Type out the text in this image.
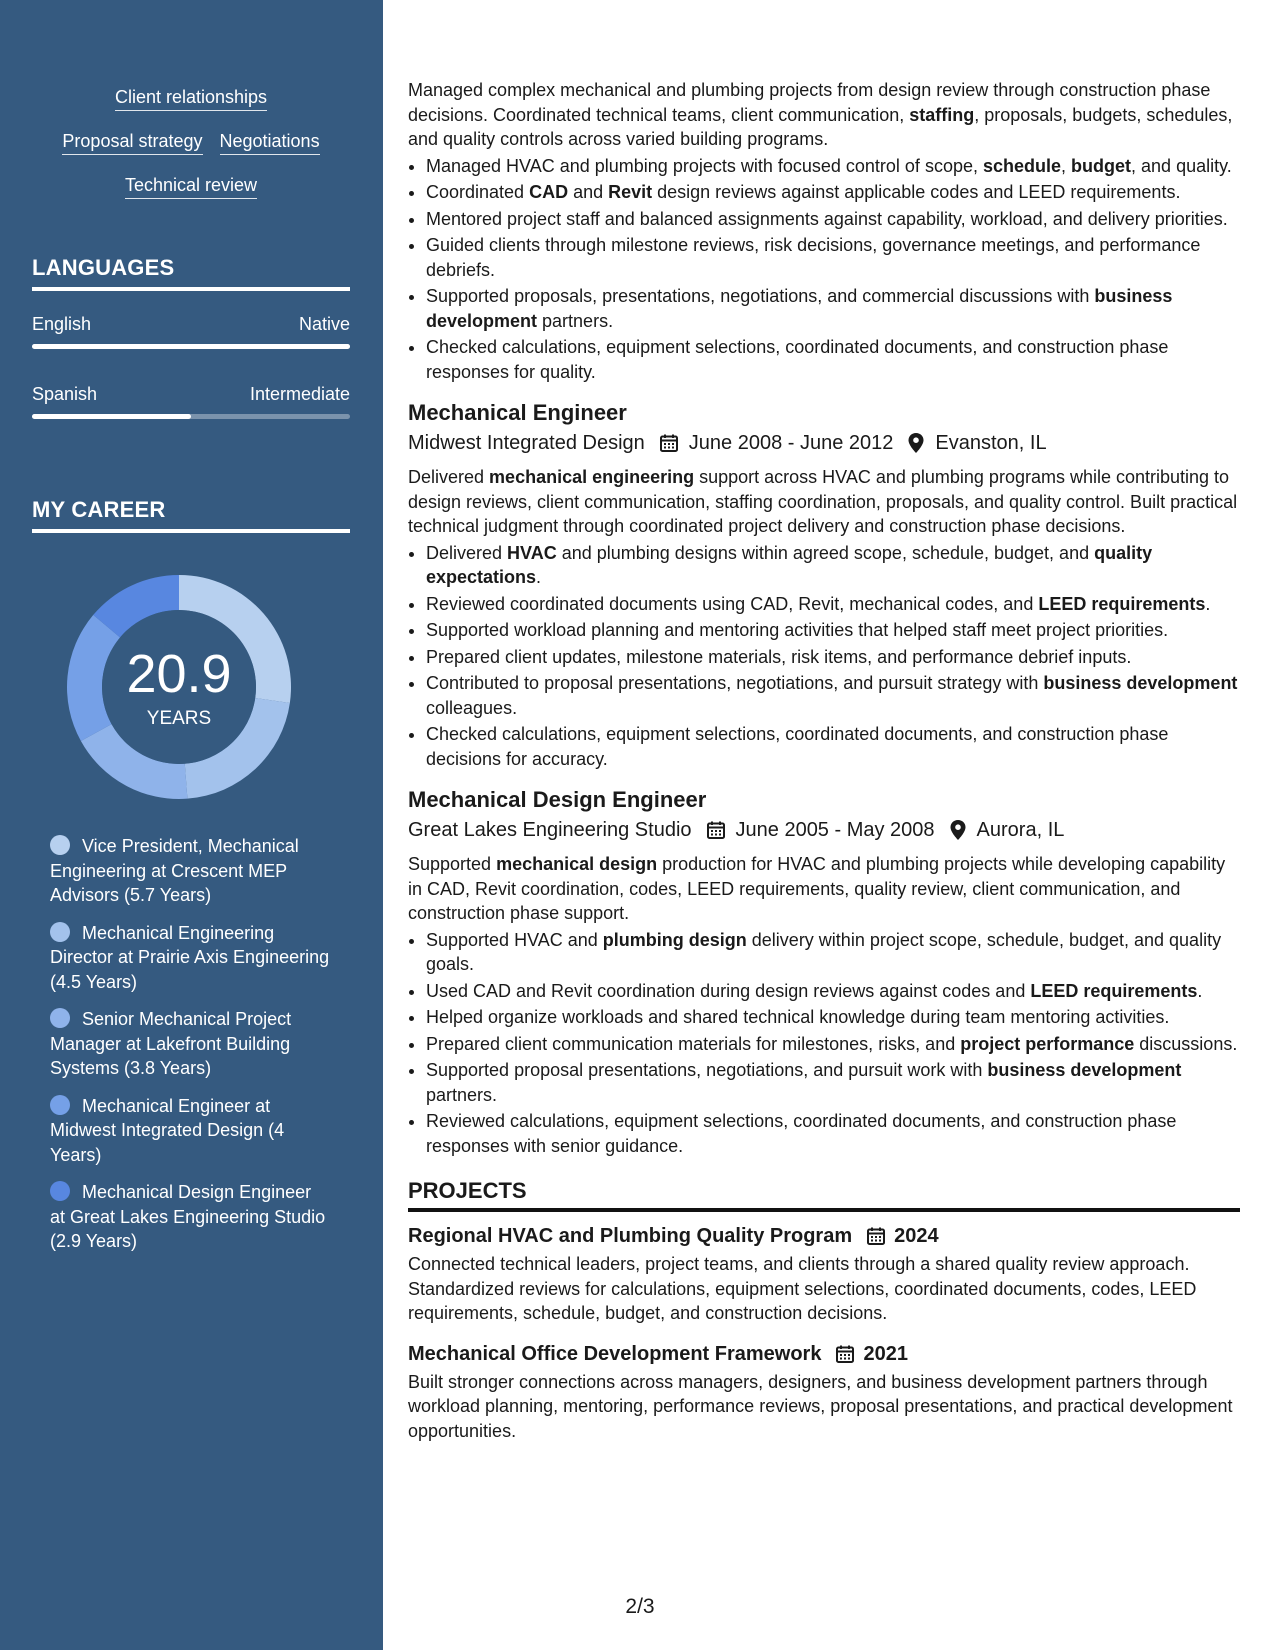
Client relationships
Proposal strategy Negotiations
Technical review
LANGUAGES
English	Native
Spanish	Intermediate
MY CAREER
20.9
YEARS
Vice President, Mechanical Engineering at Crescent MEP Advisors (5.7 Years)
Mechanical Engineering Director at Prairie Axis Engineering (4.5 Years)
Senior Mechanical Project Manager at Lakefront Building Systems (3.8 Years)
Mechanical Engineer at Midwest Integrated Design (4 Years)
Mechanical Design Engineer at Great Lakes Engineering Studio (2.9 Years)

Managed complex mechanical and plumbing projects from design review through construction phase decisions. Coordinated technical teams, client communication, staffing, proposals, budgets, schedules, and quality controls across varied building programs.

• Managed HVAC and plumbing projects with focused control of scope, schedule, budget, and quality.
• Coordinated CAD and Revit design reviews against applicable codes and LEED requirements.
• Mentored project staff and balanced assignments against capability, workload, and delivery priorities.
• Guided clients through milestone reviews, risk decisions, governance meetings, and performance debriefs.
• Supported proposals, presentations, negotiations, and commercial discussions with business development partners.
• Checked calculations, equipment selections, coordinated documents, and construction phase responses for quality.
Mechanical Engineer
Midwest Integrated Design June 2008 - June 2012 Evanston, IL

Delivered mechanical engineering support across HVAC and plumbing programs while contributing to design reviews, client communication, staffing coordination, proposals, and quality control. Built practical technical judgment through coordinated project delivery and construction phase decisions.

• Delivered HVAC and plumbing designs within agreed scope, schedule, budget, and quality expectations.
• Reviewed coordinated documents using CAD, Revit, mechanical codes, and LEED requirements.
• Supported workload planning and mentoring activities that helped staff meet project priorities.
• Prepared client updates, milestone materials, risk items, and performance debrief inputs.
• Contributed to proposal presentations, negotiations, and pursuit strategy with business development colleagues.
• Checked calculations, equipment selections, coordinated documents, and construction phase decisions for accuracy.
Mechanical Design Engineer
Great Lakes Engineering Studio June 2005 - May 2008 Aurora, IL

Supported mechanical design production for HVAC and plumbing projects while developing capability in CAD, Revit coordination, codes, LEED requirements, quality review, client communication, and construction phase support.

• Supported HVAC and plumbing design delivery within project scope, schedule, budget, and quality goals.
• Used CAD and Revit coordination during design reviews against codes and LEED requirements.
• Helped organize workloads and shared technical knowledge during team mentoring activities.
• Prepared client communication materials for milestones, risks, and project performance discussions.
• Supported proposal presentations, negotiations, and pursuit work with business development partners.
• Reviewed calculations, equipment selections, coordinated documents, and construction phase responses with senior guidance.
PROJECTS
Regional HVAC and Plumbing Quality Program 2024

Connected technical leaders, project teams, and clients through a shared quality review approach. Standardized reviews for calculations, equipment selections, coordinated documents, codes, LEED requirements, schedule, budget, and construction decisions.

Mechanical Office Development Framework 2021

Built stronger connections across managers, designers, and business development partners through workload planning, mentoring, performance reviews, proposal presentations, and practical development opportunities.

2/3
